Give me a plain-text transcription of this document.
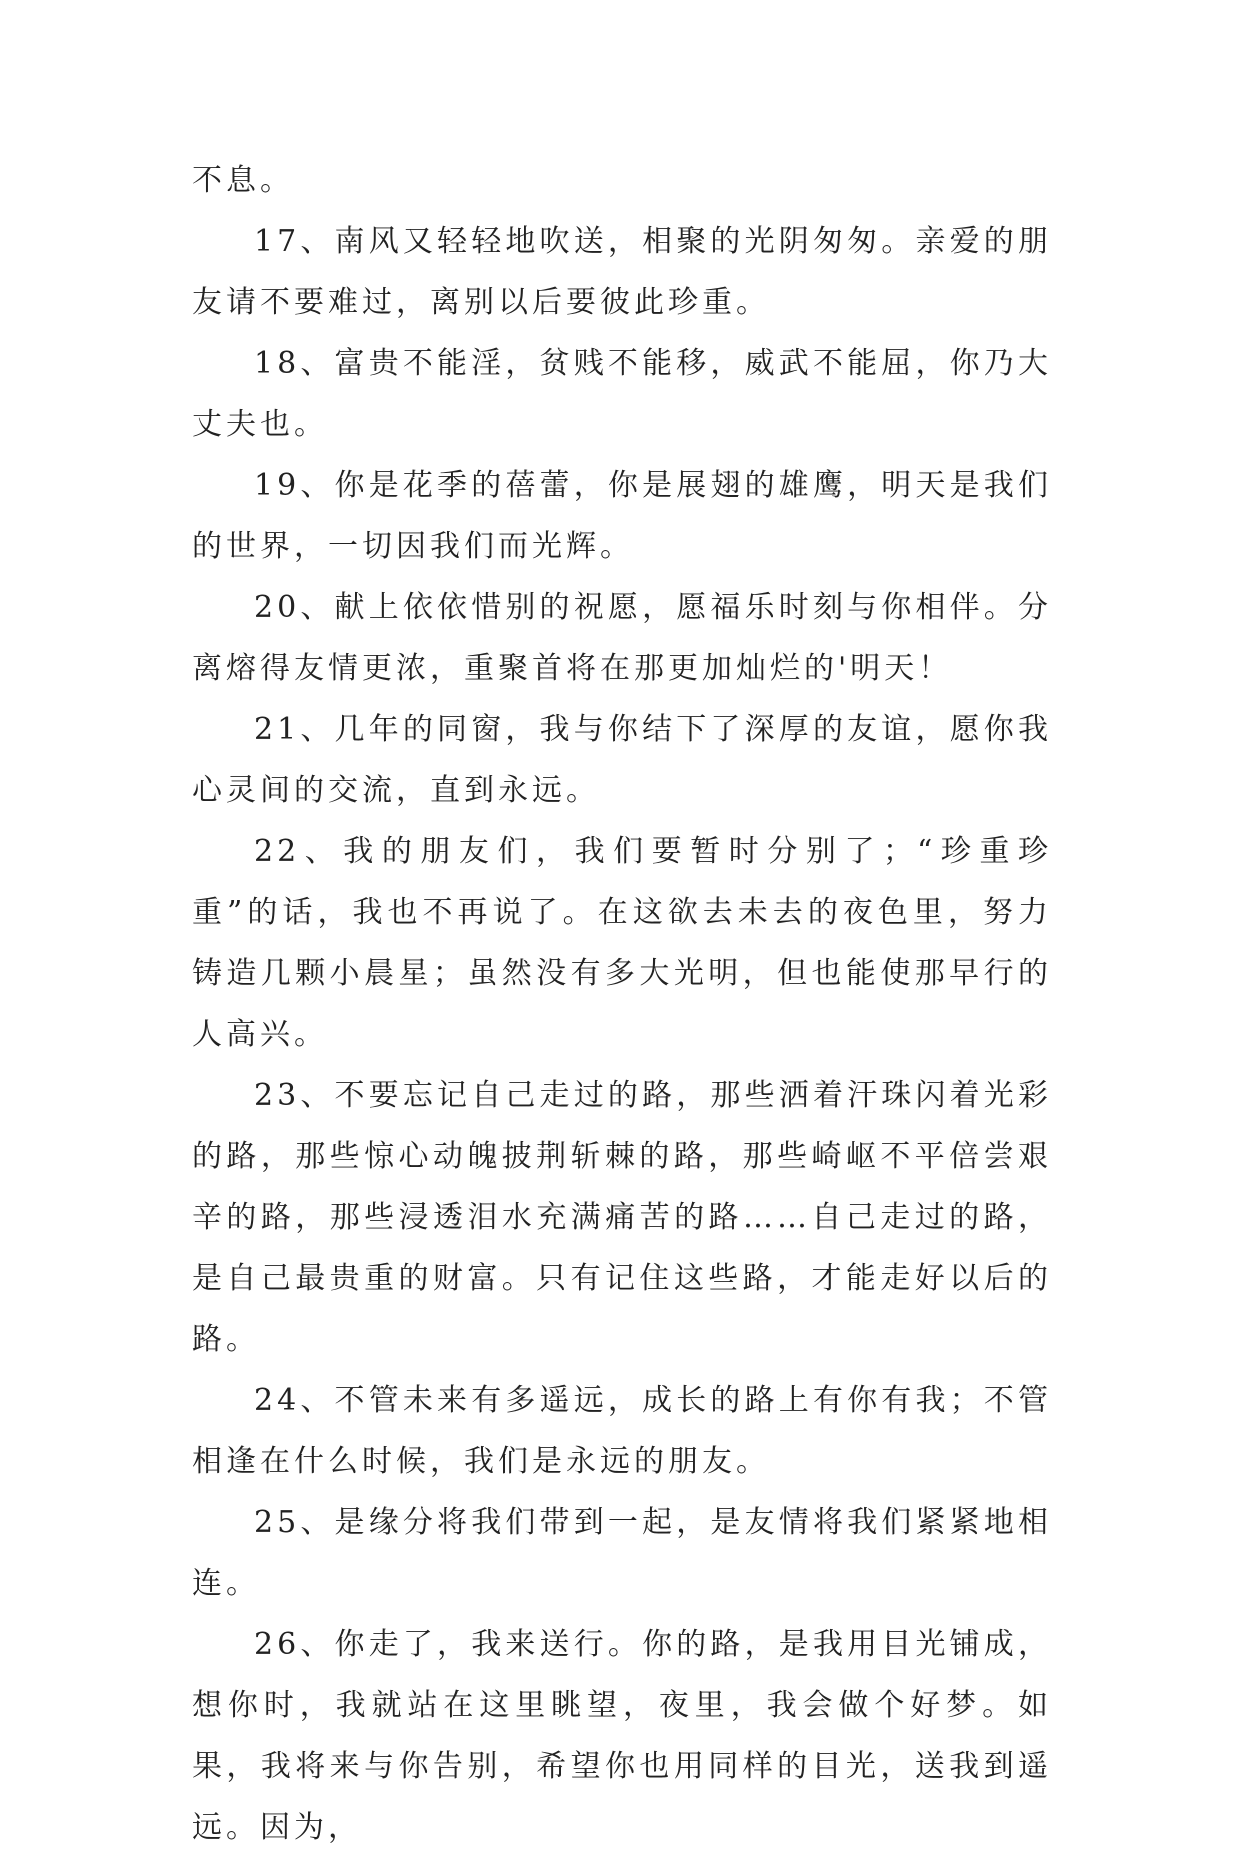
不息。

17、南风又轻轻地吹送，相聚的光阴匆匆。亲爱的朋友请不要难过，离别以后要彼此珍重。

18、富贵不能淫，贫贱不能移，威武不能屈，你乃大丈夫也。

19、你是花季的蓓蕾，你是展翅的雄鹰，明天是我们的世界，一切因我们而光辉。

20、献上依依惜别的祝愿，愿福乐时刻与你相伴。分离熔得友情更浓，重聚首将在那更加灿烂的'明天！

21、几年的同窗，我与你结下了深厚的友谊，愿你我心灵间的交流，直到永远。

22、我的朋友们，我们要暂时分别了；“珍重珍重”的话，我也不再说了。在这欲去未去的夜色里，努力铸造几颗小晨星；虽然没有多大光明，但也能使那早行的人高兴。

23、不要忘记自己走过的路，那些洒着汗珠闪着光彩的路，那些惊心动魄披荆斩棘的路，那些崎岖不平倍尝艰辛的路，那些浸透泪水充满痛苦的路……自己走过的路，是自己最贵重的财富。只有记住这些路，才能走好以后的路。

24、不管未来有多遥远，成长的路上有你有我；不管相逢在什么时候，我们是永远的朋友。

25、是缘分将我们带到一起，是友情将我们紧紧地相连。

26、你走了，我来送行。你的路，是我用目光铺成，想你时，我就站在这里眺望，夜里，我会做个好梦。如果，我将来与你告别，希望你也用同样的目光，送我到遥远。因为，
